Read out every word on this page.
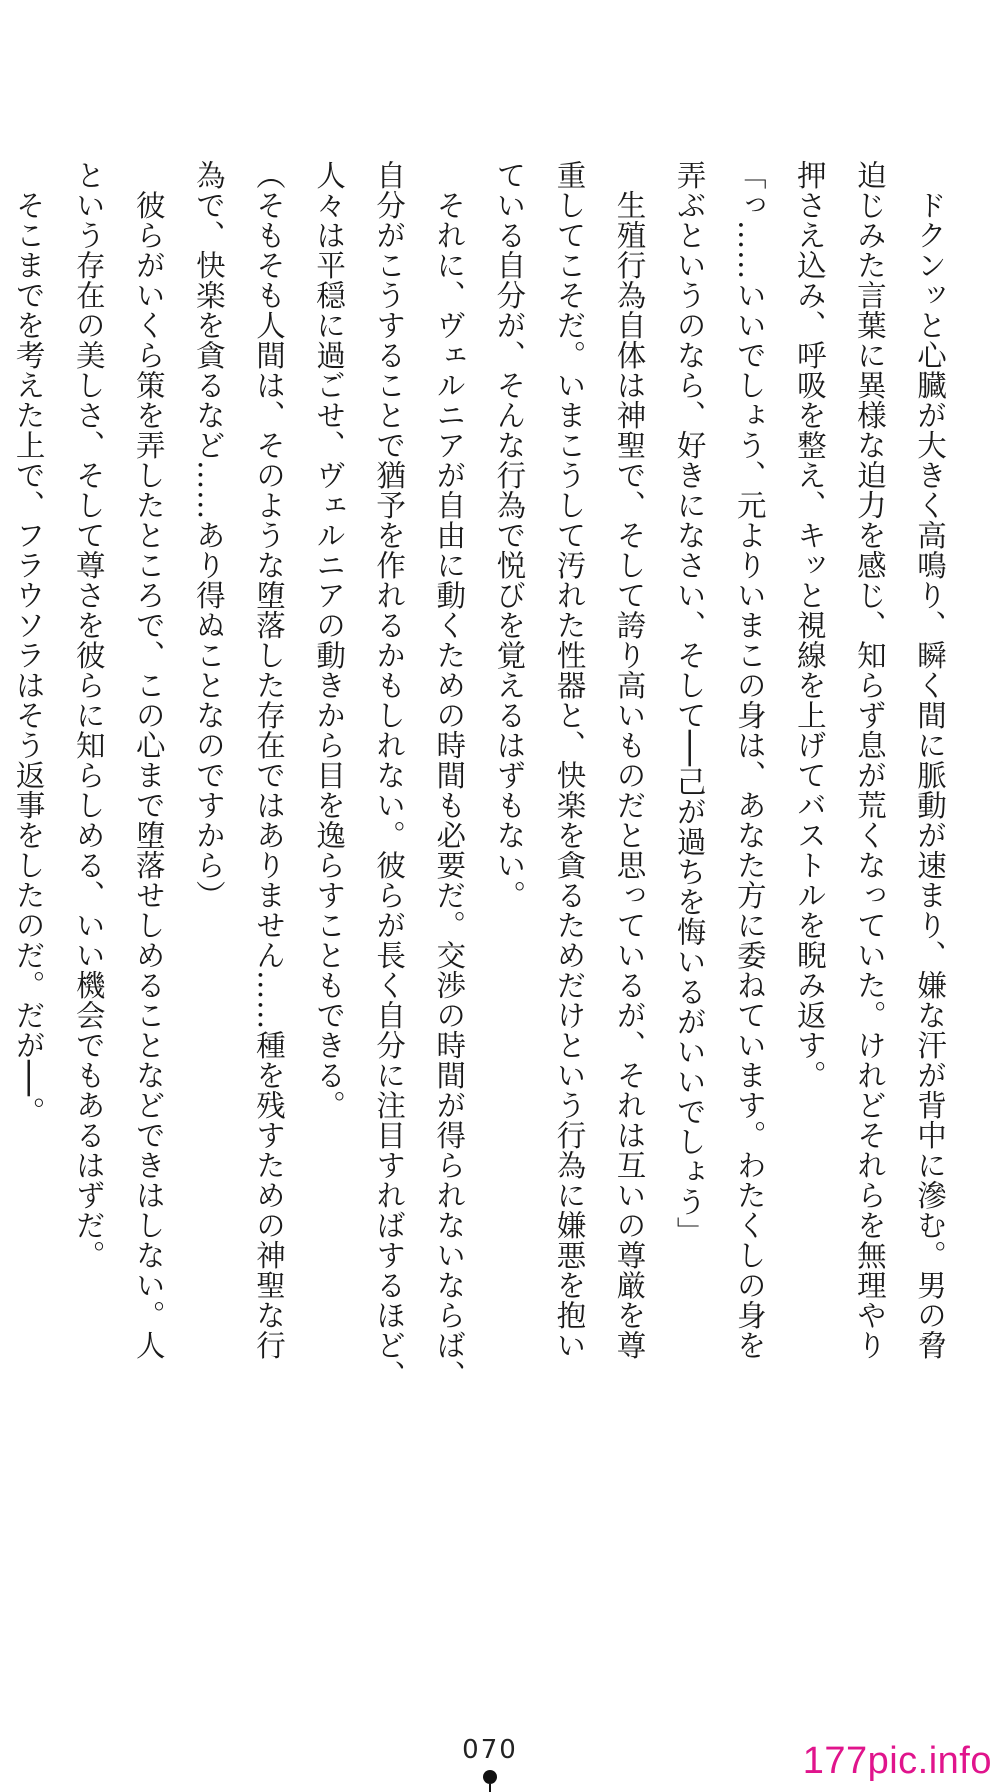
　ドクンッと心臓が大きく高鳴り、瞬く間に脈動が速まり、嫌な汗が背中に滲む。男の脅

迫じみた言葉に異様な迫力を感じ、知らず息が荒くなっていた。けれどそれらを無理やり

押さえ込み、呼吸を整え、キッと視線を上げてバストルを睨み返す。

「っ……いいでしょう、元よりいまこの身は、あなた方に委ねています。わたくしの身を

弄ぶというのなら、好きになさい、そして──己が過ちを悔いるがいいでしょう」

　生殖行為自体は神聖で、そして誇り高いものだと思っているが、それは互いの尊厳を尊

重してこそだ。いまこうして汚れた性器と、快楽を貪るためだけという行為に嫌悪を抱い

ている自分が、そんな行為で悦びを覚えるはずもない。

　それに、ヴェルニアが自由に動くための時間も必要だ。交渉の時間が得られないならば、

自分がこうすることで猶予を作れるかもしれない。彼らが長く自分に注目すればするほど、

人々は平穏に過ごせ、ヴェルニアの動きから目を逸らすこともできる。

（そもそも人間は、そのような堕落した存在ではありません……種を残すための神聖な行

為で、快楽を貪るなど……あり得ぬことなのですから）

　彼らがいくら策を弄したところで、この心まで堕落せしめることなどできはしない。人

という存在の美しさ、そして尊さを彼らに知らしめる、いい機会でもあるはずだ。

　そこまでを考えた上で、フラウソラはそう返事をしたのだ。だが──。

070	177pic.info
